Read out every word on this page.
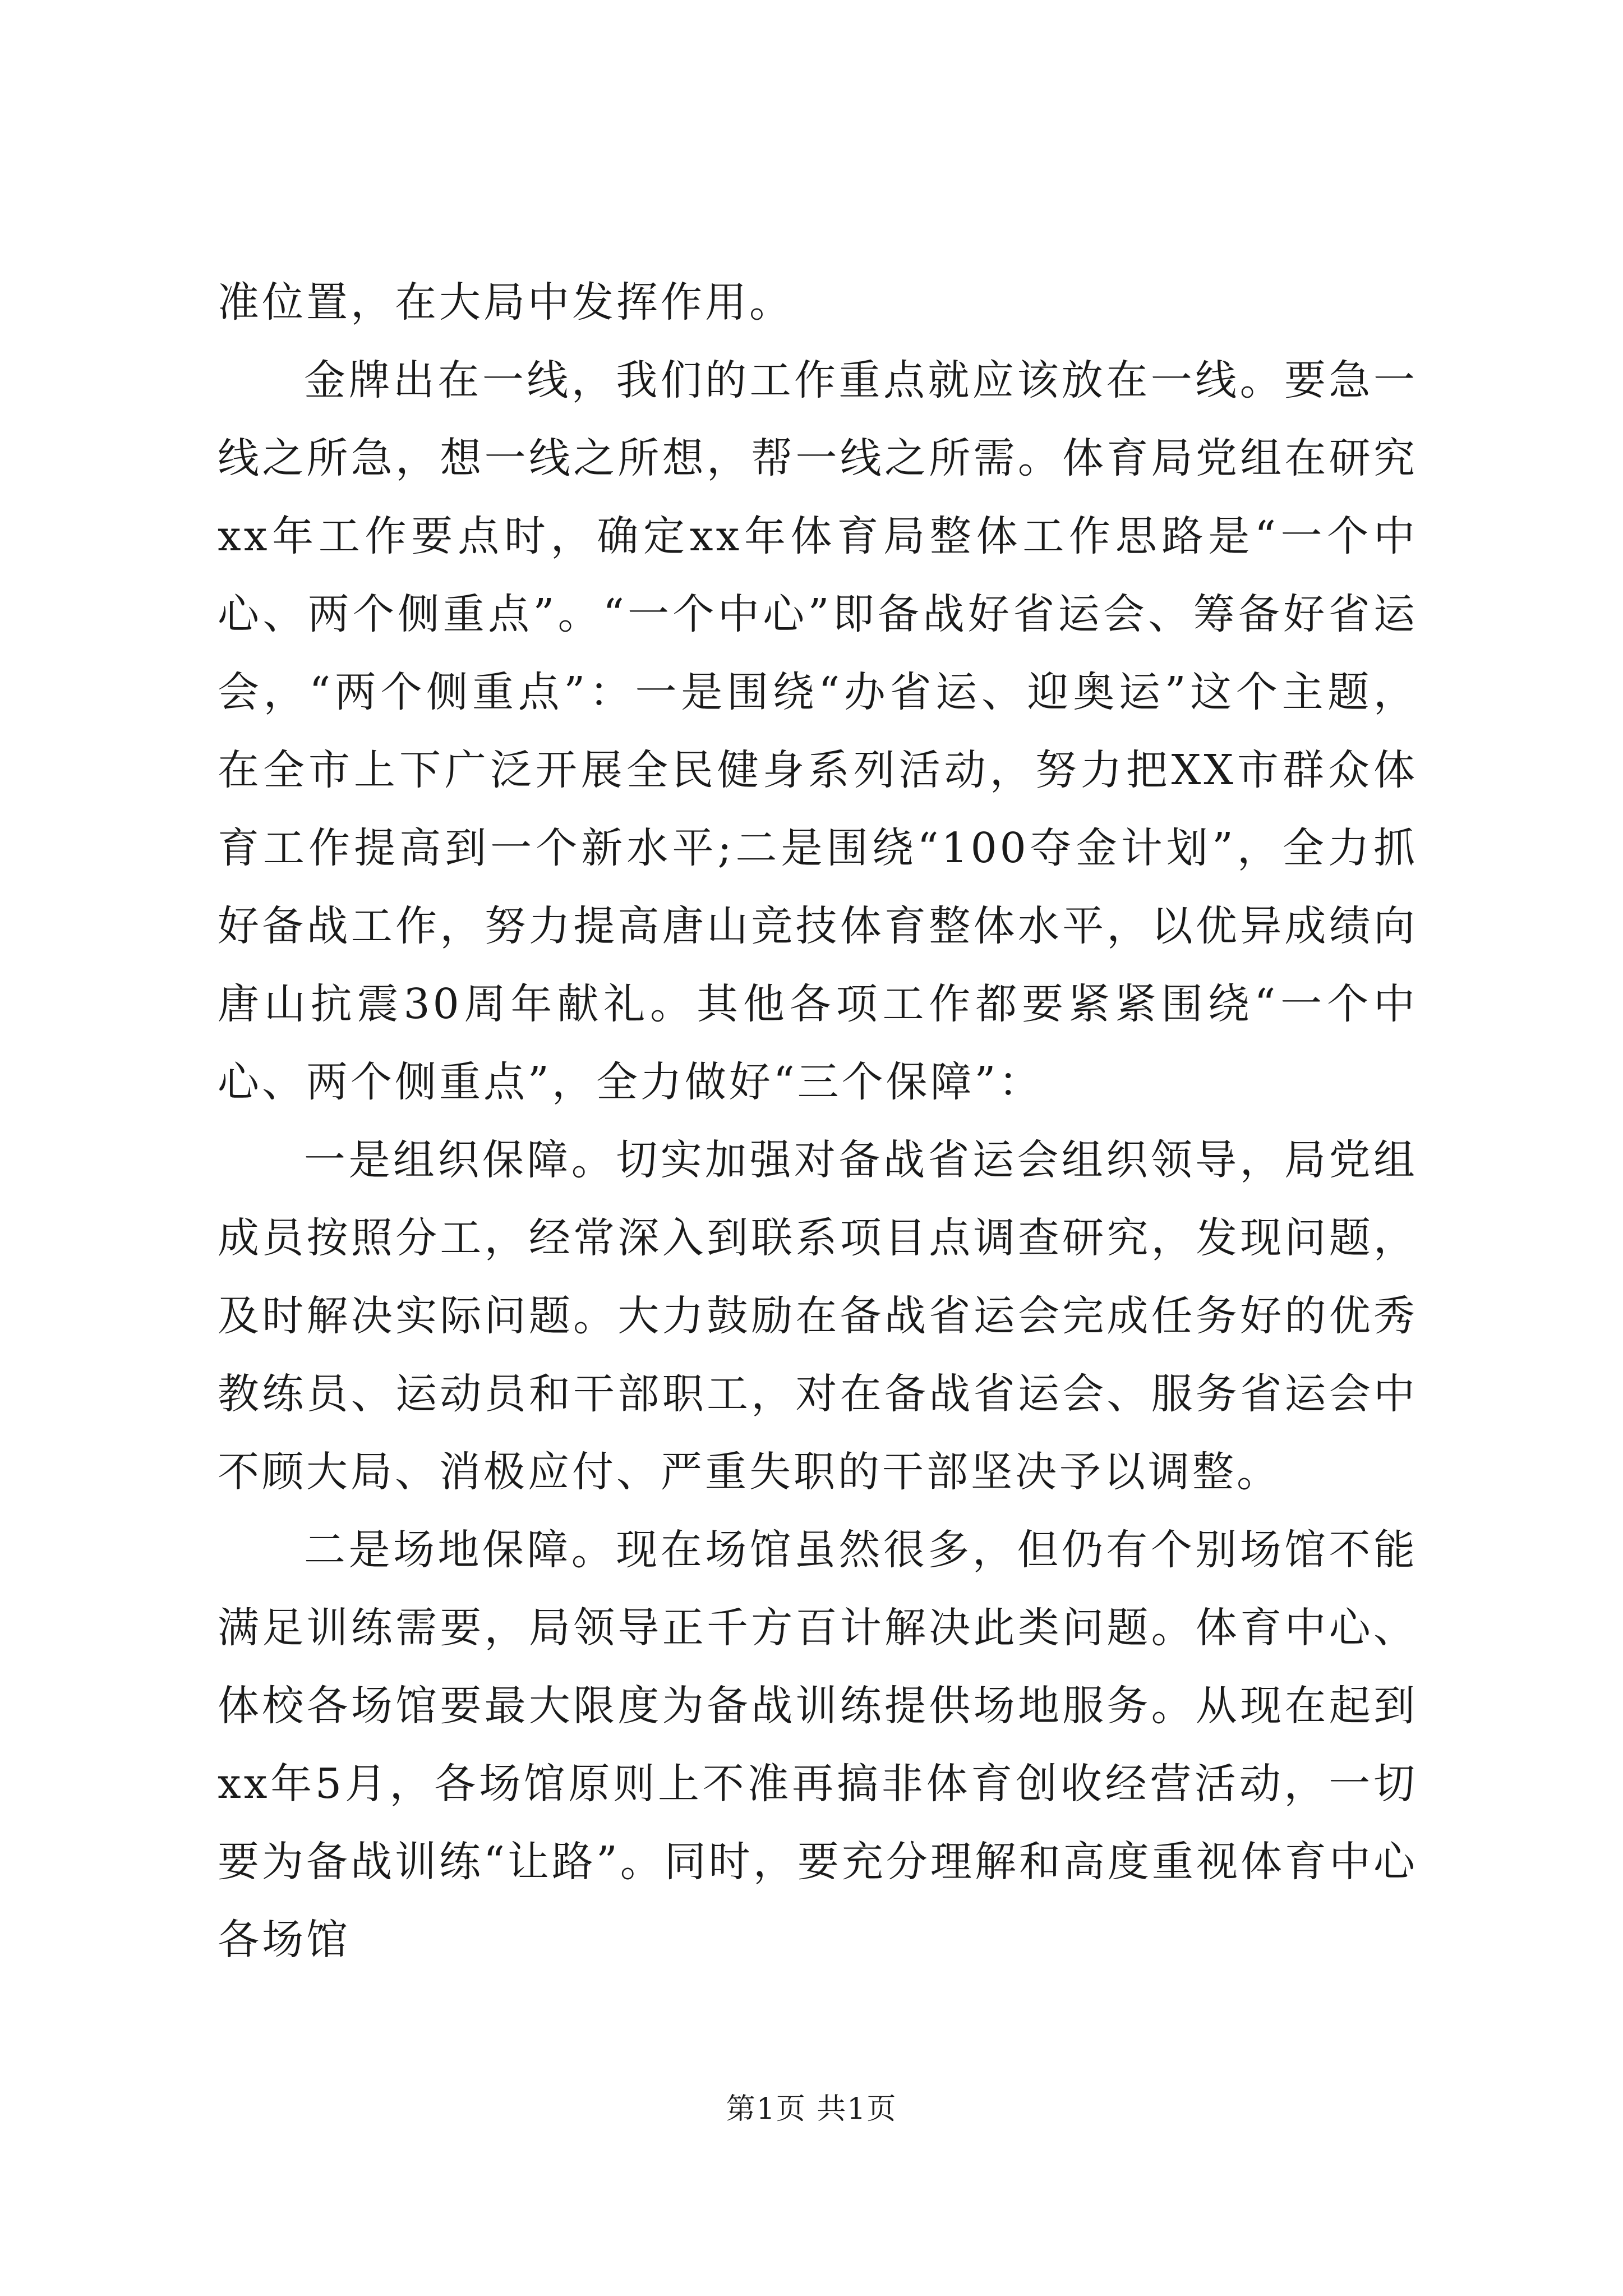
准位置，在大局中发挥作用。

金牌出在一线，我们的工作重点就应该放在一线。要急一线之所急，想一线之所想，帮一线之所需。体育局党组在研究xx年工作要点时，确定xx年体育局整体工作思路是“一个中心、两个侧重点”。“一个中心”即备战好省运会、筹备好省运会，“两个侧重点”：一是围绕“办省运、迎奥运”这个主题，在全市上下广泛开展全民健身系列活动，努力把XX市群众体育工作提高到一个新水平;二是围绕“100夺金计划”，全力抓好备战工作，努力提高唐山竞技体育整体水平，以优异成绩向唐山抗震30周年献礼。其他各项工作都要紧紧围绕“一个中心、两个侧重点”，全力做好“三个保障”：

一是组织保障。切实加强对备战省运会组织领导，局党组成员按照分工，经常深入到联系项目点调查研究，发现问题，及时解决实际问题。大力鼓励在备战省运会完成任务好的优秀教练员、运动员和干部职工，对在备战省运会、服务省运会中不顾大局、消极应付、严重失职的干部坚决予以调整。

二是场地保障。现在场馆虽然很多，但仍有个别场馆不能满足训练需要，局领导正千方百计解决此类问题。体育中心、体校各场馆要最大限度为备战训练提供场地服务。从现在起到xx年5月，各场馆原则上不准再搞非体育创收经营活动，一切要为备战训练“让路”。同时，要充分理解和高度重视体育中心各场馆

第1页 共1页
